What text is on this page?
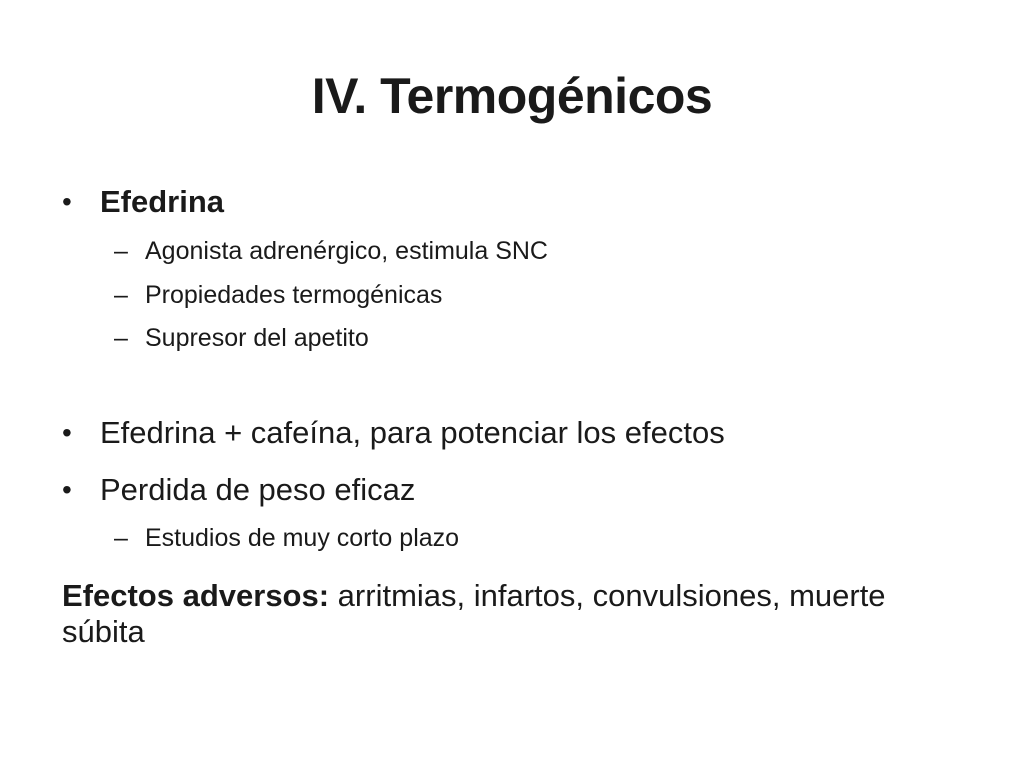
IV. Termogénicos
• Efedrina
– Agonista adrenérgico, estimula SNC
– Propiedades termogénicas
– Supresor del apetito
• Efedrina + cafeína, para potenciar los efectos
• Perdida de peso eficaz
– Estudios de muy corto plazo
Efectos adversos: arritmias, infartos, convulsiones, muerte súbita
